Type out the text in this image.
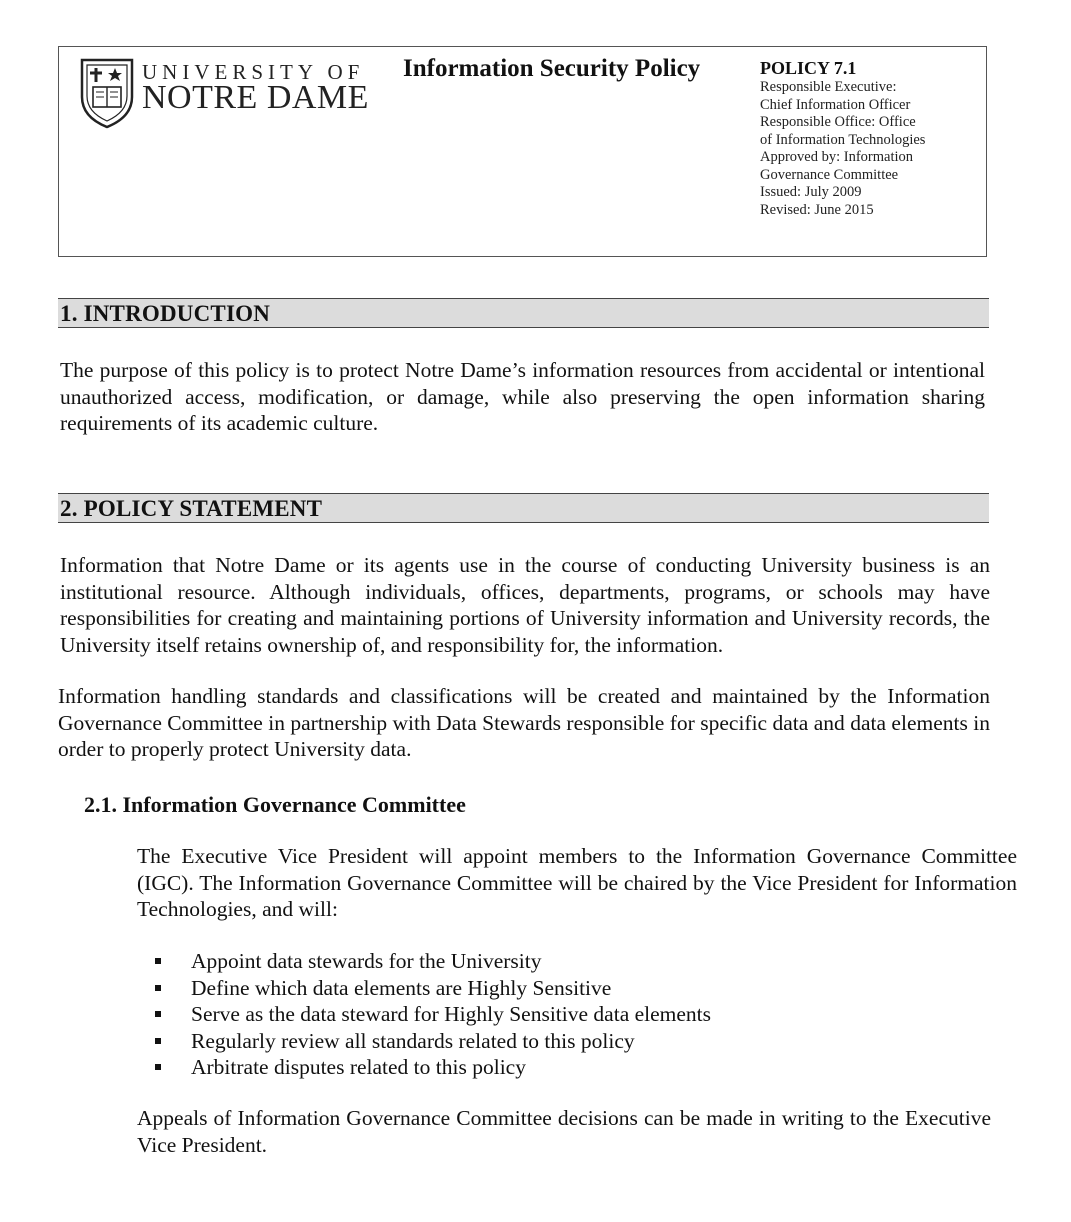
UNIVERSITY OF
NOTRE DAME
Information Security Policy	POLICY 7.1
Responsible Executive:
Chief Information Officer
Responsible Office: Office
of Information Technologies
Approved by: Information
Governance Committee
Issued: July 2009
Revised: June 2015
1. INTRODUCTION

The purpose of this policy is to protect Notre Dame’s information resources from accidental or intentional unauthorized access, modification, or damage, while also preserving the open information sharing requirements of its academic culture.

2. POLICY STATEMENT

Information that Notre Dame or its agents use in the course of conducting University business is an institutional resource. Although individuals, offices, departments, programs, or schools may have responsibilities for creating and maintaining portions of University information and University records, the University itself retains ownership of, and responsibility for, the information.

Information handling standards and classifications will be created and maintained by the Information Governance Committee in partnership with Data Stewards responsible for specific data and data elements in order to properly protect University data.

2.1. Information Governance Committee

The Executive Vice President will appoint members to the Information Governance Committee (IGC). The Information Governance Committee will be chaired by the Vice President for Information Technologies, and will:

Appoint data stewards for the University
Define which data elements are Highly Sensitive
Serve as the data steward for Highly Sensitive data elements
Regularly review all standards related to this policy
Arbitrate disputes related to this policy

Appeals of Information Governance Committee decisions can be made in writing to the Executive Vice President.
